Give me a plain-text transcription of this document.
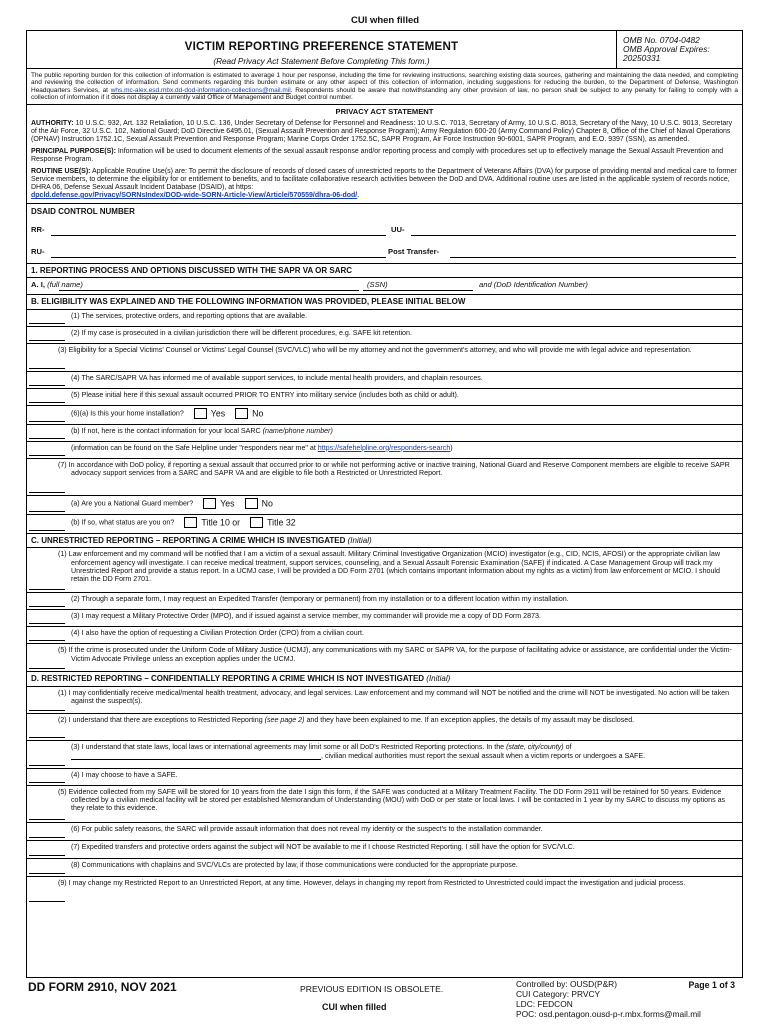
CUI when filled
VICTIM REPORTING PREFERENCE STATEMENT
(Read Privacy Act Statement Before Completing This form.)
OMB No. 0704-0482
OMB Approval Expires:
20250331
The public reporting burden for this collection of information is estimated to average 1 hour per response, including the time for reviewing instructions, searching existing data sources, gathering and maintaining the data needed, and completing and reviewing the collection of information. Send comments regarding this burden estimate or any other aspect of this collection of information, including suggestions for reducing the burden, to the Department of Defense, Washington Headquarters Services, at whs.mc-alex.esd.mbx.dd-dod-information-collections@mail.mil. Respondents should be aware that notwithstanding any other provision of law, no person shall be subject to any penalty for failing to comply with a collection of information if it does not display a currently valid Office of Management and Budget control number.
PRIVACY ACT STATEMENT

AUTHORITY: 10 U.S.C. 932, Art. 132 Retaliation, 10 U.S.C. 136, Under Secretary of Defense for Personnel and Readiness: 10 U.S.C. 7013, Secretary of Army, 10 U.S.C. 8013, Secretary of the Navy, 10 U.S.C. 9013, Secretary of the Air Force, 32 U.S.C. 102, National Guard; DoD Directive 6495.01, (Sexual Assault Prevention and Response Program); Army Regulation 600-20 (Army Command Policy) Chapter 8, Office of the Chief of Naval Operations (OPNAV) Instruction 1752.1C, Sexual Assault Prevention and Response Program; Marine Corps Order 1752.5C, SAPR Program, Air Force Instruction 90-6001, SAPR Program, and E.O. 9397 (SSN), as amended.

PRINCIPAL PURPOSE(S): Information will be used to document elements of the sexual assault response and/or reporting process and comply with procedures set up to effectively manage the Sexual Assault Prevention and Response Program.

ROUTINE USE(S): Applicable Routine Use(s) are: To permit the disclosure of records of closed cases of unrestricted reports to the Department of Veterans Affairs (DVA) for purpose of providing mental and medical care to former Service members, to determine the eligibility for or entitlement to benefits, and to facilitate collaborative research activities between the DoD and DVA. Additional routine uses are listed in the applicable system of records notice, DHRA 06, Defense Sexual Assault Incident Database (DSAID), at https:
dpcld.defense.gov/Privacy/SORNsIndex/DOD-wide-SORN-Article-View/Article/570559/dhra-06-dod/.

DSAID CONTROL NUMBER
RR-	UU-
RU-	Post Transfer-
1. REPORTING PROCESS AND OPTIONS DISCUSSED WITH THE SAPR VA OR SARC
A. I, (full name)	(SSN)	and (DoD Identification Number)
B. ELIGIBILITY WAS EXPLAINED AND THE FOLLOWING INFORMATION WAS PROVIDED, PLEASE INITIAL BELOW
(1) The services, protective orders, and reporting options that are available.
(2) If my case is prosecuted in a civilian jurisdiction there will be different procedures, e.g. SAFE kit retention.
(3) Eligibility for a Special Victims' Counsel or Victims' Legal Counsel (SVC/VLC) who will be my attorney and not the government's attorney, and who will provide me with legal advice and representation.
(4) The SARC/SAPR VA has informed me of available support services, to include mental health providers, and chaplain resources.
(5) Please initial here if this sexual assault occurred PRIOR TO ENTRY into military service (includes both as child or adult).
(6)(a) Is this your home installation?	Yes	No
(b) If not, here is the contact information for your local SARC (name/phone number)
(information can be found on the Safe Helpline under "responders near me" at https://safehelpline.org/responders-search)
(7) In accordance with DoD policy, if reporting a sexual assault that occurred prior to or while not performing active or inactive training, National Guard and Reserve Component members are eligible to receive SAPR advocacy support services from a SARC and SAPR VA and are eligible to file both a Restricted or Unrestricted Report.
(a) Are you a National Guard member?	Yes	No
(b) If so, what status are you on?	Title 10 or	Title 32
C. UNRESTRICTED REPORTING – REPORTING A CRIME WHICH IS INVESTIGATED (Initial)
(1) Law enforcement and my command will be notified that I am a victim of a sexual assault. Military Criminal Investigative Organization (MCIO) investigator (e.g., CID, NCIS, AFOSI) or the appropriate civilian law enforcement agency will investigate. I can receive medical treatment, support services, counseling, and a Sexual Assault Forensic Examination (SAFE) if indicated. A Case Management Group will track my Unrestricted Report and provide a status report. In a UCMJ case, I will be provided a DD Form 2701 (which contains important information about my rights as a victim) from law enforcement or MCIO. I should retain the DD Form 2701.
(2) Through a separate form, I may request an Expedited Transfer (temporary or permanent) from my installation or to a different location within my installation.
(3) I may request a Military Protective Order (MPO), and if issued against a service member, my commander will provide me a copy of DD Form 2873.
(4) I also have the option of requesting a Civilian Protection Order (CPO) from a civilian court.
(5) If the crime is prosecuted under the Uniform Code of Military Justice (UCMJ), any communications with my SARC or SAPR VA, for the purpose of facilitating advice or assistance, are confidential under the Victim-Victim Advocate Privilege unless an exception applies under the UCMJ.
D. RESTRICTED REPORTING – CONFIDENTIALLY REPORTING A CRIME WHICH IS NOT INVESTIGATED (Initial)
(1) I may confidentially receive medical/mental health treatment, advocacy, and legal services. Law enforcement and my command will NOT be notified and the crime will NOT be investigated. No action will be taken against the suspect(s).
(2) I understand that there are exceptions to Restricted Reporting (see page 2) and they have been explained to me. If an exception applies, the details of my assault may be disclosed.
(3) I understand that state laws, local laws or international agreements may limit some or all DoD's Restricted Reporting protections. In the (state, city/county) of
, civilian medical authorities must report the sexual assault when a victim reports or undergoes a SAFE.
(4) I may choose to have a SAFE.
(5) Evidence collected from my SAFE will be stored for 10 years from the date I sign this form, if the SAFE was conducted at a Military Treatment Facility. The DD Form 2911 will be retained for 50 years. Evidence collected by a civilian medical facility will be stored per established Memorandum of Understanding (MOU) with DoD or per state or local laws. I will be contacted in 1 year by my SARC to discuss my options as they relate to this evidence.
(6) For public safety reasons, the SARC will provide assault information that does not reveal my identity or the suspect's to the installation commander.
(7) Expedited transfers and protective orders against the subject will NOT be available to me if I choose Restricted Reporting. I still have the option for SVC/VLC.
(8) Communications with chaplains and SVC/VLCs are protected by law, if those communications were conducted for the appropriate purpose.
(9) I may change my Restricted Report to an Unrestricted Report, at any time. However, delays in changing my report from Restricted to Unrestricted could impact the investigation and judicial process.
DD FORM 2910, NOV 2021	PREVIOUS EDITION IS OBSOLETE.
CUI when filled
Controlled by: OUSD(P&R)
CUI Category: PRVCY
LDC: FEDCON
POC: osd.pentagon.ousd-p-r.mbx.forms@mail.mil
Page 1 of 3
